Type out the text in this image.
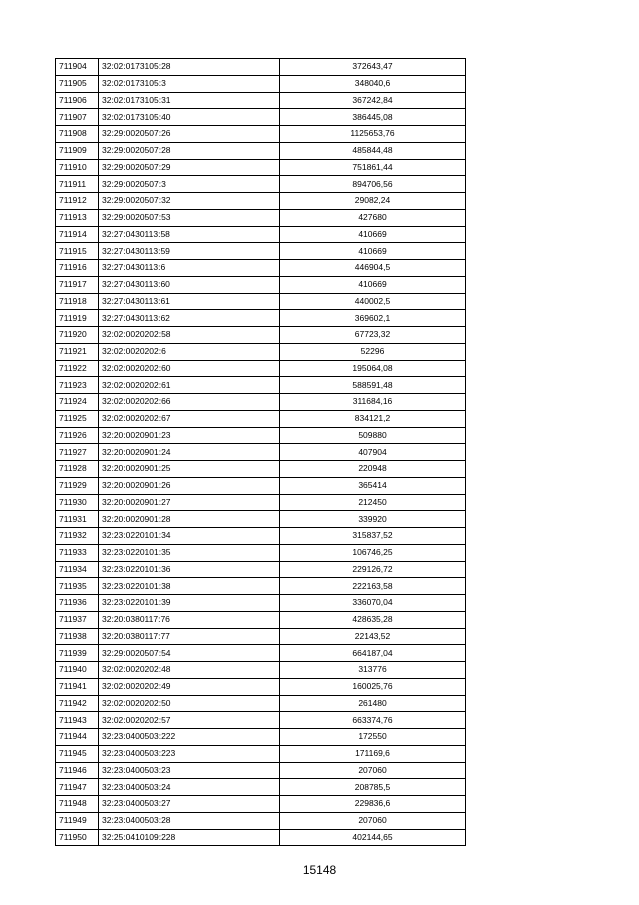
711904	32:02:0173105:28	372643,47
711905	32:02:0173105:3	348040,6
711906	32:02:0173105:31	367242,84
711907	32:02:0173105:40	386445,08
711908	32:29:0020507:26	1125653,76
711909	32:29:0020507:28	485844,48
711910	32:29:0020507:29	751861,44
711911	32:29:0020507:3	894706,56
711912	32:29:0020507:32	29082,24
711913	32:29:0020507:53	427680
711914	32:27:0430113:58	410669
711915	32:27:0430113:59	410669
711916	32:27:0430113:6	446904,5
711917	32:27:0430113:60	410669
711918	32:27:0430113:61	440002,5
711919	32:27:0430113:62	369602,1
711920	32:02:0020202:58	67723,32
711921	32:02:0020202:6	52296
711922	32:02:0020202:60	195064,08
711923	32:02:0020202:61	588591,48
711924	32:02:0020202:66	311684,16
711925	32:02:0020202:67	834121,2
711926	32:20:0020901:23	509880
711927	32:20:0020901:24	407904
711928	32:20:0020901:25	220948
711929	32:20:0020901:26	365414
711930	32:20:0020901:27	212450
711931	32:20:0020901:28	339920
711932	32:23:0220101:34	315837,52
711933	32:23:0220101:35	106746,25
711934	32:23:0220101:36	229126,72
711935	32:23:0220101:38	222163,58
711936	32:23:0220101:39	336070,04
711937	32:20:0380117:76	428635,28
711938	32:20:0380117:77	22143,52
711939	32:29:0020507:54	664187,04
711940	32:02:0020202:48	313776
711941	32:02:0020202:49	160025,76
711942	32:02:0020202:50	261480
711943	32:02:0020202:57	663374,76
711944	32:23:0400503:222	172550
711945	32:23:0400503:223	171169,6
711946	32:23:0400503:23	207060
711947	32:23:0400503:24	208785,5
711948	32:23:0400503:27	229836,6
711949	32:23:0400503:28	207060
711950	32:25:0410109:228	402144,65
15148
